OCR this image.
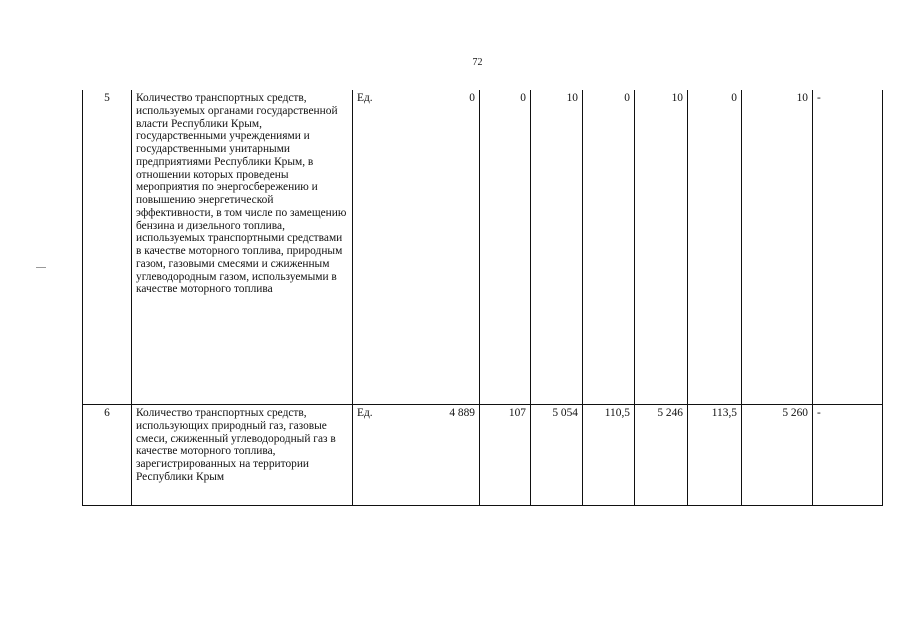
72
5	Количество транспортных средств, используемых органами государственной власти Республики Крым, государственными учреждениями и государственными унитарными предприятиями Республики Крым, в отношении которых проведены мероприятия по энергосбережению и повышению энергетической эффективности, в том числе по замещению бензина и дизельного топлива, используемых транспортными средствами в качестве моторного топлива, природным газом, газовыми смесями и сжиженным углеводородным газом, используемыми в качестве моторного топлива	Ед.	0	0	10	0	10	0	10	-
6	Количество транспортных средств, использующих природный газ, газовые смеси, сжиженный углеводородный газ в качестве моторного топлива, зарегистрированных на территории Республики Крым	Ед.	4 889	107	5 054	110,5	5 246	113,5	5 260	-
